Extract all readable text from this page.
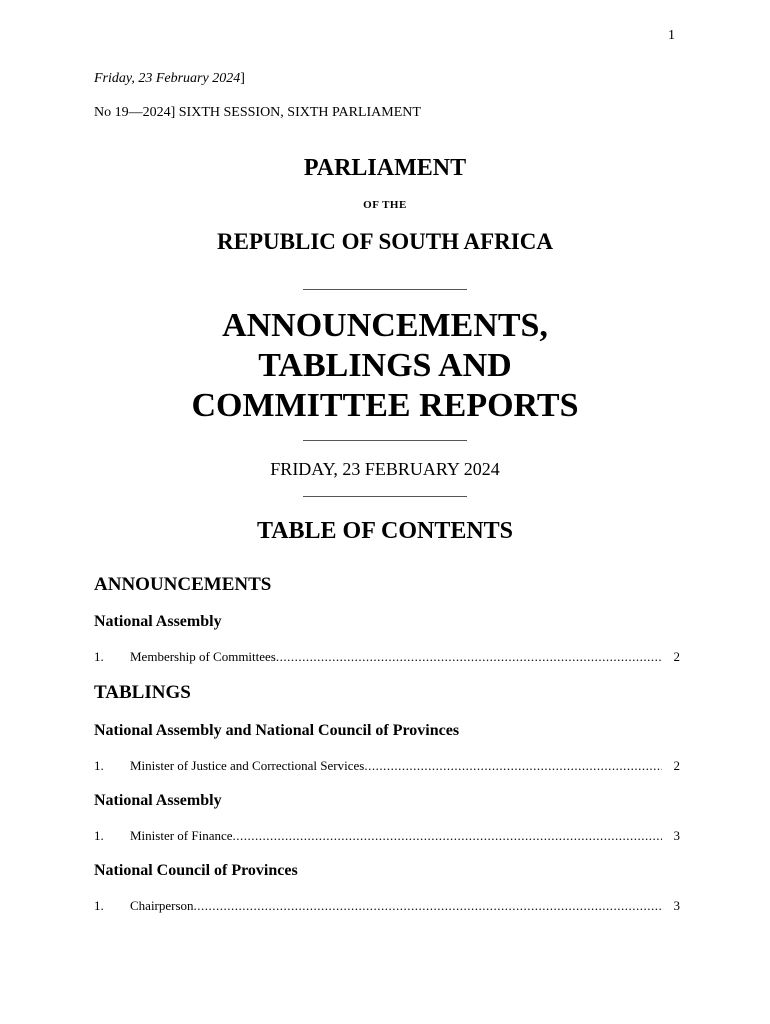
1
Friday, 23 February 2024]
No 19—2024] SIXTH SESSION, SIXTH PARLIAMENT
PARLIAMENT
OF THE
REPUBLIC OF SOUTH AFRICA
ANNOUNCEMENTS,
TABLINGS AND
COMMITTEE REPORTS
FRIDAY, 23 FEBRUARY 2024
TABLE OF CONTENTS
ANNOUNCEMENTS
National Assembly
1.	Membership of Committees .....	2
TABLINGS
National Assembly and National Council of Provinces
1.	Minister of Justice and Correctional Services .....	2
National Assembly
1.	Minister of Finance .....	3
National Council of Provinces
1.	Chairperson .....	3
